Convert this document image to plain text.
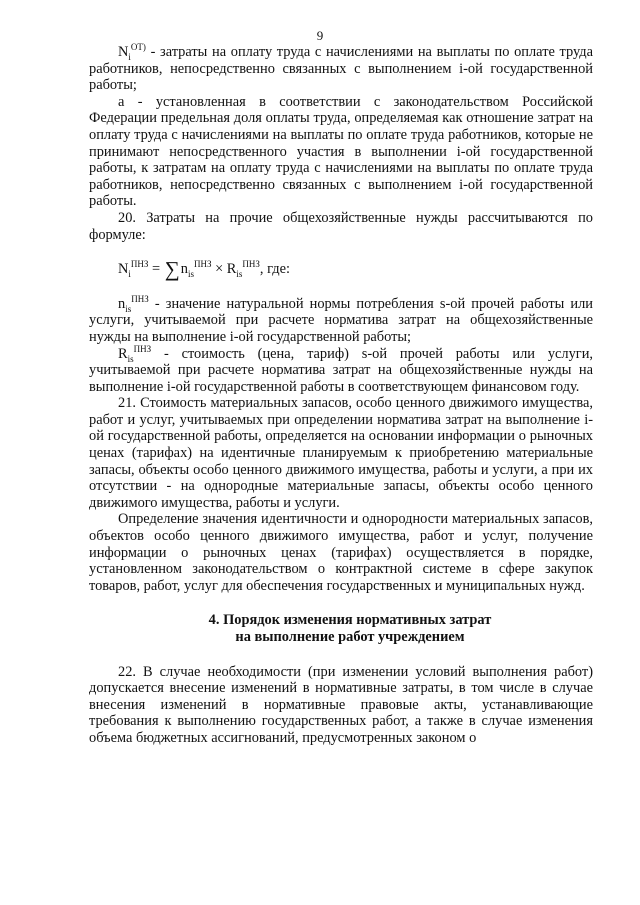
9

$N_i^{ОТ)}$ - затраты на оплату труда с начислениями на выплаты по оплате труда работников, непосредственно связанных с выполнением i-ой государственной работы;

а - установленная в соответствии с законодательством Российской Федерации предельная доля оплаты труда, определяемая как отношение затрат на оплату труда с начислениями на выплаты по оплате труда работников, которые не принимают непосредственного участия в выполнении i-ой государственной работы, к затратам на оплату труда с начислениями на выплаты по оплате труда работников, непосредственно связанных с выполнением i-ой государственной работы.

20. Затраты на прочие общехозяйственные нужды рассчитываются по формуле:

$N_i^{ПНЗ} = \sum n_{is}^{ПНЗ} \times R_{is}^{ПНЗ}$, где:

$n_{is}^{ПНЗ}$ - значение натуральной нормы потребления s-ой прочей работы или услуги, учитываемой при расчете норматива затрат на общехозяйственные нужды на выполнение i-ой государственной работы;

$R_{is}^{ПНЗ}$ - стоимость (цена, тариф) s-ой прочей работы или услуги, учитываемой при расчете норматива затрат на общехозяйственные нужды на выполнение i-ой государственной работы в соответствующем финансовом году.

21. Стоимость материальных запасов, особо ценного движимого имущества, работ и услуг, учитываемых при определении норматива затрат на выполнение i-ой государственной работы, определяется на основании информации о рыночных ценах (тарифах) на идентичные планируемым к приобретению материальные запасы, объекты особо ценного движимого имущества, работы и услуги, а при их отсутствии - на однородные материальные запасы, объекты особо ценного движимого имущества, работы и услуги.

Определение значения идентичности и однородности материальных запасов, объектов особо ценного движимого имущества, работ и услуг, получение информации о рыночных ценах (тарифах) осуществляется в порядке, установленном законодательством о контрактной системе в сфере закупок товаров, работ, услуг для обеспечения государственных и муниципальных нужд.

4. Порядок изменения нормативных затрат
на выполнение работ учреждением

22. В случае необходимости (при изменении условий выполнения работ) допускается внесение изменений в нормативные затраты, в том числе в случае внесения изменений в нормативные правовые акты, устанавливающие требования к выполнению государственных работ, а также в случае изменения объема бюджетных ассигнований, предусмотренных законом о
